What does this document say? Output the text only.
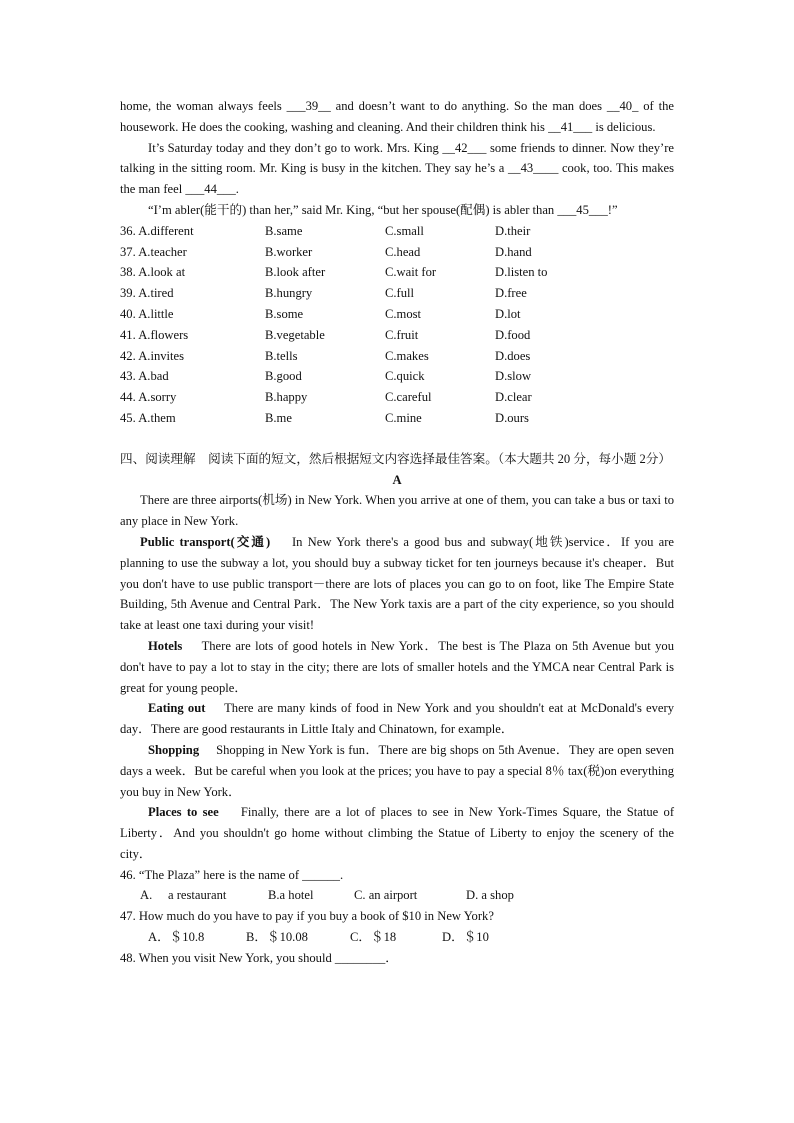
home, the woman always feels ___39__ and doesn’t want to do anything. So the man does __40_ of the housework. He does the cooking, washing and cleaning. And their children think his __41___ is delicious.

It’s Saturday today and they don’t go to work. Mrs. King __42___ some friends to dinner. Now they’re talking in the sitting room. Mr. King is busy in the kitchen. They say he’s a __43____ cook, too. This makes the man feel ___44___.

“I’m abler(能干的) than her,” said Mr. King, “but her spouse(配偶) is abler than ___45___!”

36. A.different	B.same	C.small	D.their
37. A.teacher	B.worker	C.head	D.hand
38. A.look at	B.look after	C.wait for	D.listen to
39. A.tired	B.hungry	C.full	D.free
40. A.little	B.some	C.most	D.lot
41. A.flowers	B.vegetable	C.fruit	D.food
42. A.invites	B.tells	C.makes	D.does
43. A.bad	B.good	C.quick	D.slow
44. A.sorry	B.happy	C.careful	D.clear
45. A.them	B.me	C.mine	D.ours

四、阅读理解　阅读下面的短文，然后根据短文内容选择最佳答案。（本大题共 20 分，每小题 2分）

A

There are three airports(机场) in New York. When you arrive at one of them, you can take a bus or taxi to any place in New York.

Public transport(交通)　 In New York there's a good bus and subway(地铁)service．If you are planning to use the subway a lot, you should buy a subway ticket for ten journeys because it's cheaper．But you don't have to use public transport－there are lots of places you can go to on foot, like The Empire State Building, 5th Avenue and Central Park．The New York taxis are a part of the city experience, so you should take at least one taxi during your visit!

Hotels　 There are lots of good hotels in New York．The best is The Plaza on 5th Avenue but you don't have to pay a lot to stay in the city; there are lots of smaller hotels and the YMCA near Central Park is great for young people．

Eating out　 There are many kinds of food in New York and you shouldn't eat at McDonald's every day．There are good restaurants in Little Italy and Chinatown, for example．

Shopping　 Shopping in New York is fun．There are big shops on 5th Avenue．They are open seven days a week．But be careful when you look at the prices; you have to pay a special 8％ tax(税)on everything you buy in New York．

Places to see　 Finally, there are a lot of places to see in New York-Times Square, the Statue of Liberty．And you shouldn't go home without climbing the Statue of Liberty to enjoy the scenery of the city．

46. “The Plaza” here is the name of ______.

A.　 a restaurant	B.a hotel	C. an airport	D. a shop

47. How much do you have to pay if you buy a book of $10 in New York?

A．＄10.8	B．＄10.08	C．＄18	D．＄10

48. When you visit New York, you should ________．
